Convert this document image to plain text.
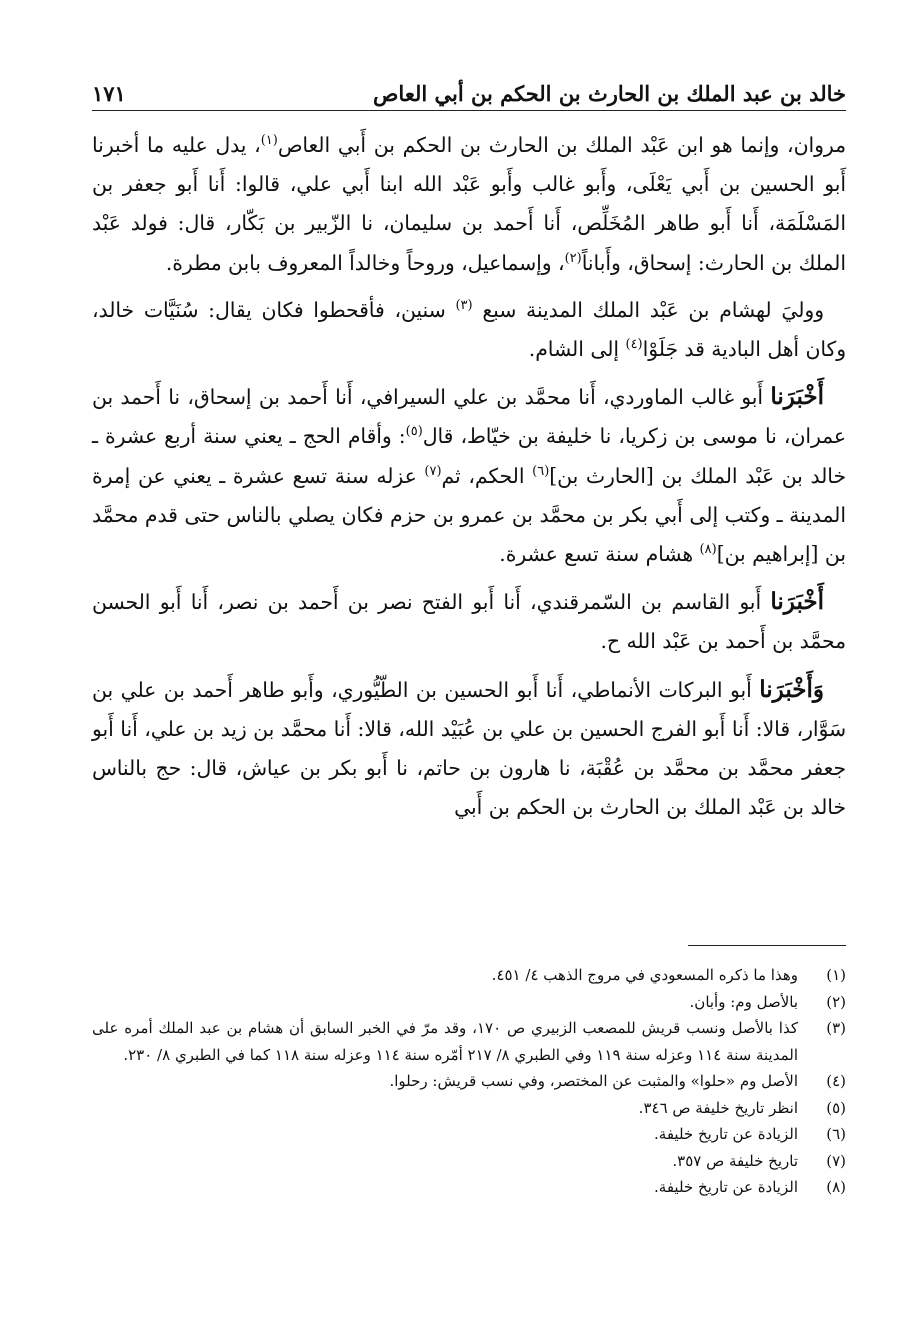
خالد بن عبد الملك بن الحارث بن الحكم بن أبي العاص
١٧١

مروان، وإنما هو ابن عَبْد الملك بن الحارث بن الحكم بن أَبي العاص$^{(١)}$، يدل عليه ما أخبرنا أَبو الحسين بن أَبي يَعْلَى، وأَبو غالب وأَبو عَبْد الله ابنا أَبي علي، قالوا: أَنا أَبو جعفر بن المَسْلَمَة، أَنا أَبو طاهر المُخَلِّص، أَنا أَحمد بن سليمان، نا الزّبير بن بَكّار، قال: فولد عَبْد الملك بن الحارث: إسحاق، وأَباناً$^{(٢)}$، وإسماعيل، وروحاً وخالداً المعروف بابن مطرة.

ووليَ لهشام بن عَبْد الملك المدينة سبع $^{(٣)}$ سنين، فأقحطوا فكان يقال: سُنَيَّات خالد، وكان أهل البادية قد جَلَوْا$^{(٤)}$ إلى الشام.

أَخْبَرَنا أَبو غالب الماوردي، أَنا محمَّد بن علي السيرافي، أَنا أَحمد بن إسحاق، نا أَحمد بن عمران، نا موسى بن زكريا، نا خليفة بن خيّاط، قال$^{(٥)}$: وأقام الحج ـ يعني سنة أربع عشرة ـ خالد بن عَبْد الملك بن [الحارث بن]$^{(٦)}$ الحكم، ثم$^{(٧)}$ عزله سنة تسع عشرة ـ يعني عن إمرة المدينة ـ وكتب إلى أَبي بكر بن محمَّد بن عمرو بن حزم فكان يصلي بالناس حتى قدم محمَّد بن [إبراهيم بن]$^{(٨)}$ هشام سنة تسع عشرة.

أَخْبَرَنا أَبو القاسم بن السّمرقندي، أَنا أَبو الفتح نصر بن أَحمد بن نصر، أَنا أَبو الحسن محمَّد بن أَحمد بن عَبْد الله ح.

وَأَخْبَرَنا أَبو البركات الأنماطي، أَنا أَبو الحسين بن الطّيُّوري، وأَبو طاهر أَحمد بن علي بن سَوَّار، قالا: أَنا أَبو الفرج الحسين بن علي بن عُبَيْد الله، قالا: أَنا محمَّد بن زيد بن علي، أَنا أَبو جعفر محمَّد بن محمَّد بن عُقْبَة، نا هارون بن حاتم، نا أَبو بكر بن عياش، قال: حج بالناس خالد بن عَبْد الملك بن الحارث بن الحكم بن أَبي

(١)
وهذا ما ذكره المسعودي في مروج الذهب ٤/ ٤٥١.
(٢)
بالأصل وم: وأبان.
(٣)
كذا بالأصل ونسب قريش للمصعب الزبيري ص ١٧٠، وقد مرّ في الخبر السابق أن هشام بن عبد الملك أمره على المدينة سنة ١١٤ وعزله سنة ١١٩ وفي الطبري ٨/ ٢١٧ أمّره سنة ١١٤ وعزله سنة ١١٨ كما في الطبري ٨/ ٢٣٠.
(٤)
الأصل وم «حلوا» والمثبت عن المختصر، وفي نسب قريش: رحلوا.
(٥)
انظر تاريخ خليفة ص ٣٤٦.
(٦)
الزيادة عن تاريخ خليفة.
(٧)
تاريخ خليفة ص ٣٥٧.
(٨)
الزيادة عن تاريخ خليفة.
